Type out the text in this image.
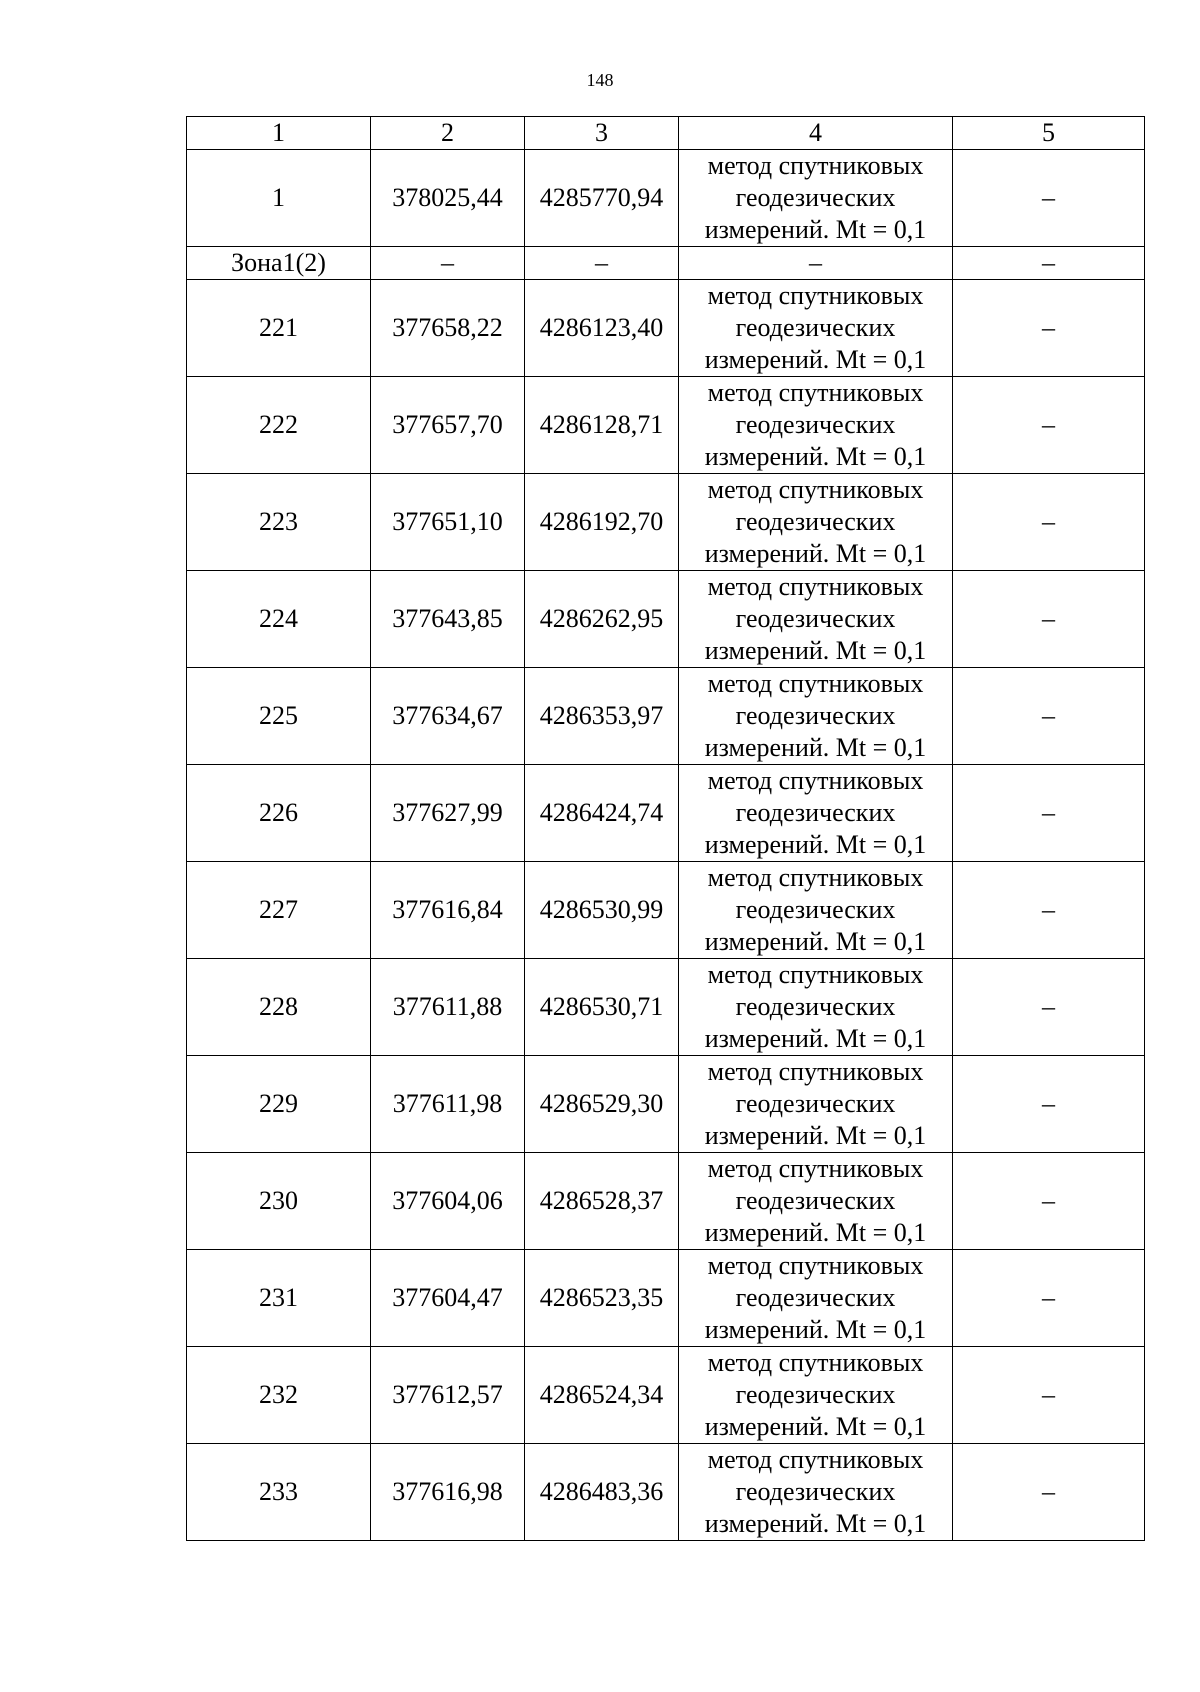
148
1	2	3	4	5
1	378025,44	4285770,94	метод спутниковых
геодезических
измерений. Mt = 0,1	–
Зона1(2)	–	–	–	–
221	377658,22	4286123,40	метод спутниковых
геодезических
измерений. Mt = 0,1	–
222	377657,70	4286128,71	метод спутниковых
геодезических
измерений. Mt = 0,1	–
223	377651,10	4286192,70	метод спутниковых
геодезических
измерений. Mt = 0,1	–
224	377643,85	4286262,95	метод спутниковых
геодезических
измерений. Mt = 0,1	–
225	377634,67	4286353,97	метод спутниковых
геодезических
измерений. Mt = 0,1	–
226	377627,99	4286424,74	метод спутниковых
геодезических
измерений. Mt = 0,1	–
227	377616,84	4286530,99	метод спутниковых
геодезических
измерений. Mt = 0,1	–
228	377611,88	4286530,71	метод спутниковых
геодезических
измерений. Mt = 0,1	–
229	377611,98	4286529,30	метод спутниковых
геодезических
измерений. Mt = 0,1	–
230	377604,06	4286528,37	метод спутниковых
геодезических
измерений. Mt = 0,1	–
231	377604,47	4286523,35	метод спутниковых
геодезических
измерений. Mt = 0,1	–
232	377612,57	4286524,34	метод спутниковых
геодезических
измерений. Mt = 0,1	–
233	377616,98	4286483,36	метод спутниковых
геодезических
измерений. Mt = 0,1	–
